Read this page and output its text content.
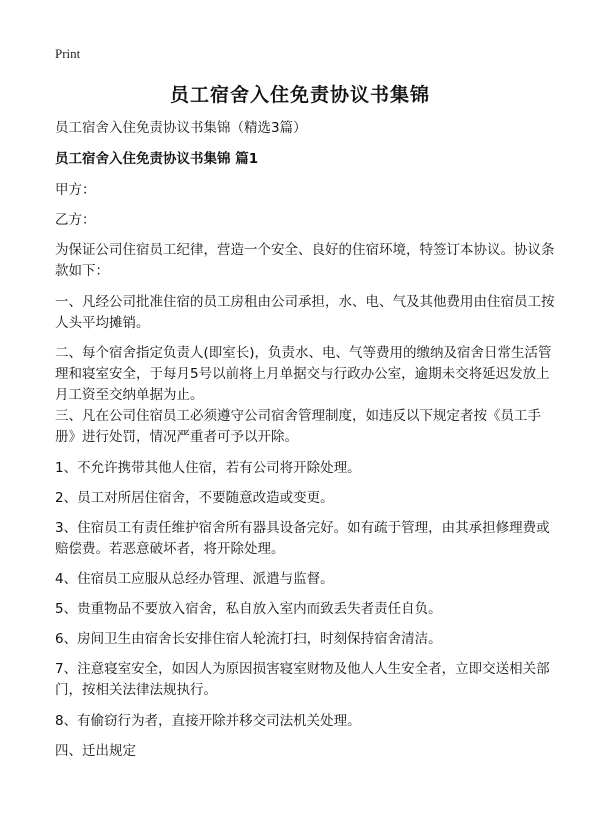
Print
员工宿舍入住免责协议书集锦
员工宿舍入住免责协议书集锦（精选3篇）
员工宿舍入住免责协议书集锦 篇1
甲方：
乙方：
为保证公司住宿员工纪律，营造一个安全、良好的住宿环境，特签订本协议。协议条款如下：
一、凡经公司批准住宿的员工房租由公司承担，水、电、气及其他费用由住宿员工按人头平均摊销。
二、每个宿舍指定负责人(即室长)，负责水、电、气等费用的缴纳及宿舍日常生活管理和寝室安全，于每月5号以前将上月单据交与行政办公室，逾期未交将延迟发放上月工资至交纳单据为止。
三、凡在公司住宿员工必须遵守公司宿舍管理制度，如违反以下规定者按《员工手册》进行处罚，情况严重者可予以开除。
1、不允许携带其他人住宿，若有公司将开除处理。
2、员工对所居住宿舍，不要随意改造或变更。
3、住宿员工有责任维护宿舍所有器具设备完好。如有疏于管理，由其承担修理费或赔偿费。若恶意破坏者，将开除处理。
4、住宿员工应服从总经办管理、派遣与监督。
5、贵重物品不要放入宿舍，私自放入室内而致丢失者责任自负。
6、房间卫生由宿舍长安排住宿人轮流打扫，时刻保持宿舍清洁。
7、注意寝室安全，如因人为原因损害寝室财物及他人人生安全者，立即交送相关部门，按相关法律法规执行。
8、有偷窃行为者，直接开除并移交司法机关处理。
四、迁出规定
